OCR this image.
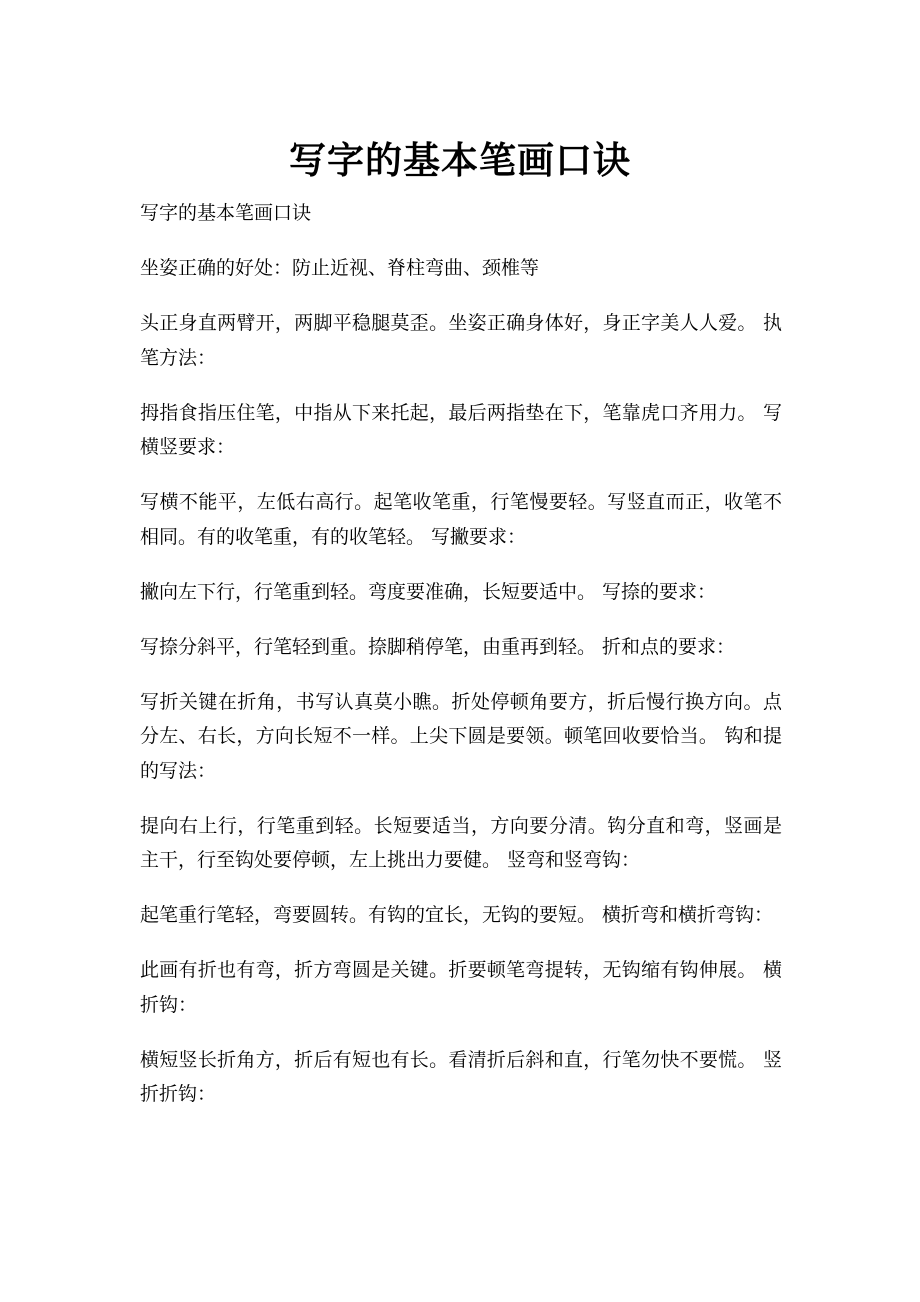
写字的基本笔画口诀

写字的基本笔画口诀

坐姿正确的好处：防止近视、脊柱弯曲、颈椎等

头正身直两臂开，两脚平稳腿莫歪。坐姿正确身体好，身正字美人人爱。 执笔方法：

拇指食指压住笔，中指从下来托起，最后两指垫在下，笔靠虎口齐用力。 写横竖要求：

写横不能平，左低右高行。起笔收笔重，行笔慢要轻。写竖直而正，收笔不相同。有的收笔重，有的收笔轻。 写撇要求：

撇向左下行，行笔重到轻。弯度要准确，长短要适中。 写捺的要求：

写捺分斜平，行笔轻到重。捺脚稍停笔，由重再到轻。 折和点的要求：

写折关键在折角，书写认真莫小瞧。折处停顿角要方，折后慢行换方向。点分左、右长，方向长短不一样。上尖下圆是要领。顿笔回收要恰当。 钩和提的写法：

提向右上行，行笔重到轻。长短要适当，方向要分清。钩分直和弯，竖画是主干，行至钩处要停顿，左上挑出力要健。 竖弯和竖弯钩：

起笔重行笔轻，弯要圆转。有钩的宜长，无钩的要短。 横折弯和横折弯钩：

此画有折也有弯，折方弯圆是关键。折要顿笔弯提转，无钩缩有钩伸展。 横折钩：

横短竖长折角方，折后有短也有长。看清折后斜和直，行笔勿快不要慌。 竖折折钩：
